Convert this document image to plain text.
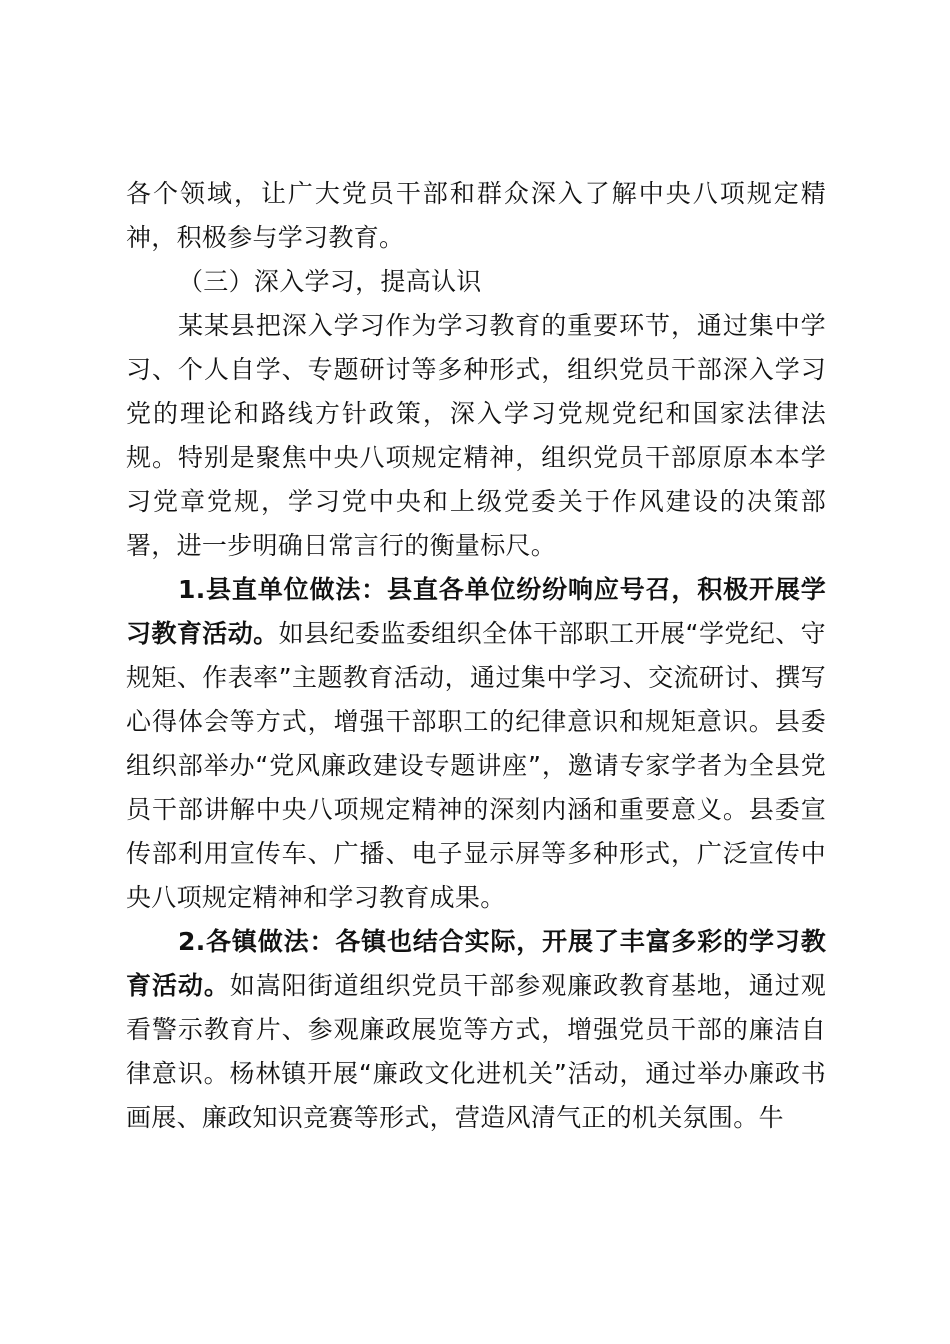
各个领域，让广大党员干部和群众深入了解中央八项规定精神，积极参与学习教育。

（三）深入学习，提高认识

某某县把深入学习作为学习教育的重要环节，通过集中学习、个人自学、专题研讨等多种形式，组织党员干部深入学习党的理论和路线方针政策，深入学习党规党纪和国家法律法规。特别是聚焦中央八项规定精神，组织党员干部原原本本学习党章党规，学习党中央和上级党委关于作风建设的决策部署，进一步明确日常言行的衡量标尺。

1.县直单位做法：县直各单位纷纷响应号召，积极开展学习教育活动。如县纪委监委组织全体干部职工开展“学党纪、守规矩、作表率”主题教育活动，通过集中学习、交流研讨、撰写心得体会等方式，增强干部职工的纪律意识和规矩意识。县委组织部举办“党风廉政建设专题讲座”，邀请专家学者为全县党员干部讲解中央八项规定精神的深刻内涵和重要意义。县委宣传部利用宣传车、广播、电子显示屏等多种形式，广泛宣传中央八项规定精神和学习教育成果。

2.各镇做法：各镇也结合实际，开展了丰富多彩的学习教育活动。如嵩阳街道组织党员干部参观廉政教育基地，通过观看警示教育片、参观廉政展览等方式，增强党员干部的廉洁自律意识。杨林镇开展“廉政文化进机关”活动，通过举办廉政书画展、廉政知识竞赛等形式，营造风清气正的机关氛围。牛
